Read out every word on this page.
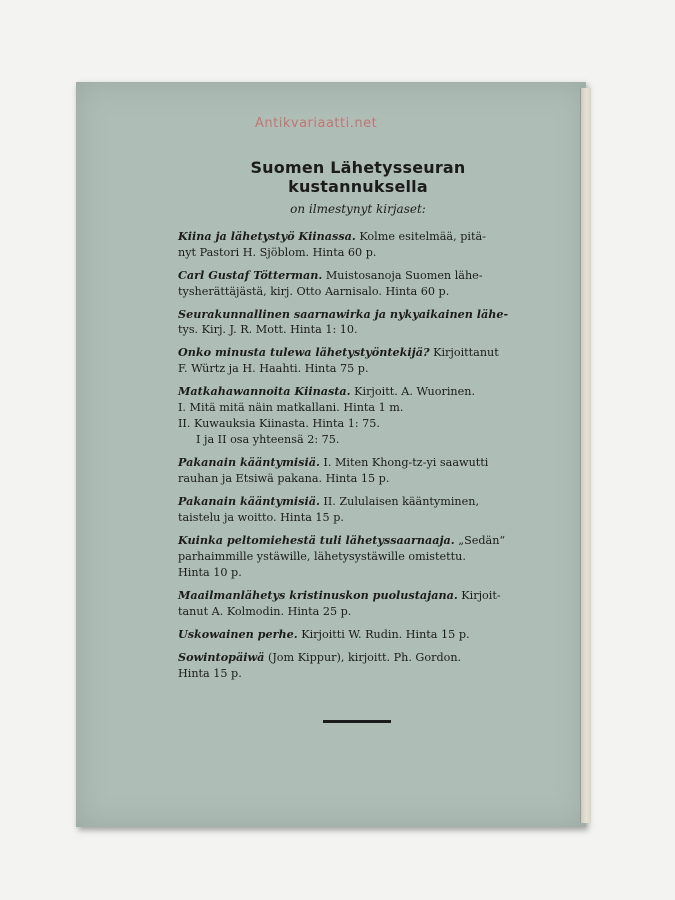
Antikvariaatti.net
Suomen Lähetysseuran kustannuksella
on ilmestynyt kirjaset:
Kiina ja lähetystyö Kiinassa. Kolme esitelmää, pitä-
nyt Pastori H. Sjöblom. Hinta 60 p.
Carl Gustaf Tötterman. Muistosanoja Suomen lähe-
tysherättäjästä, kirj. Otto Aarnisalo. Hinta 60 p.
Seurakunnallinen saarnawirka ja nykyaikainen lähe-
tys. Kirj. J. R. Mott. Hinta 1: 10.
Onko minusta tulewa lähetystyöntekijä? Kirjoittanut
F. Würtz ja H. Haahti. Hinta 75 p.
Matkahawannoita Kiinasta. Kirjoitt. A. Wuorinen.
I. Mitä mitä näin matkallani. Hinta 1 m.
II. Kuwauksia Kiinasta. Hinta 1: 75.
I ja II osa yhteensä 2: 75.
Pakanain kääntymisiä. I. Miten Khong-tz-yi saawutti
rauhan ja Etsiwä pakana. Hinta 15 p.
Pakanain kääntymisiä. II. Zululaisen kääntyminen,
taistelu ja woitto. Hinta 15 p.
Kuinka peltomiehestä tuli lähetyssaarnaaja. „Sedän“
parhaimmille ystäwille, lähetysystäwille omistettu.
Hinta 10 p.
Maailmanlähetys kristinuskon puolustajana. Kirjoit-
tanut A. Kolmodin. Hinta 25 p.
Uskowainen perhe. Kirjoitti W. Rudin. Hinta 15 p.
Sowintopäiwä (Jom Kippur), kirjoitt. Ph. Gordon.
Hinta 15 p.
